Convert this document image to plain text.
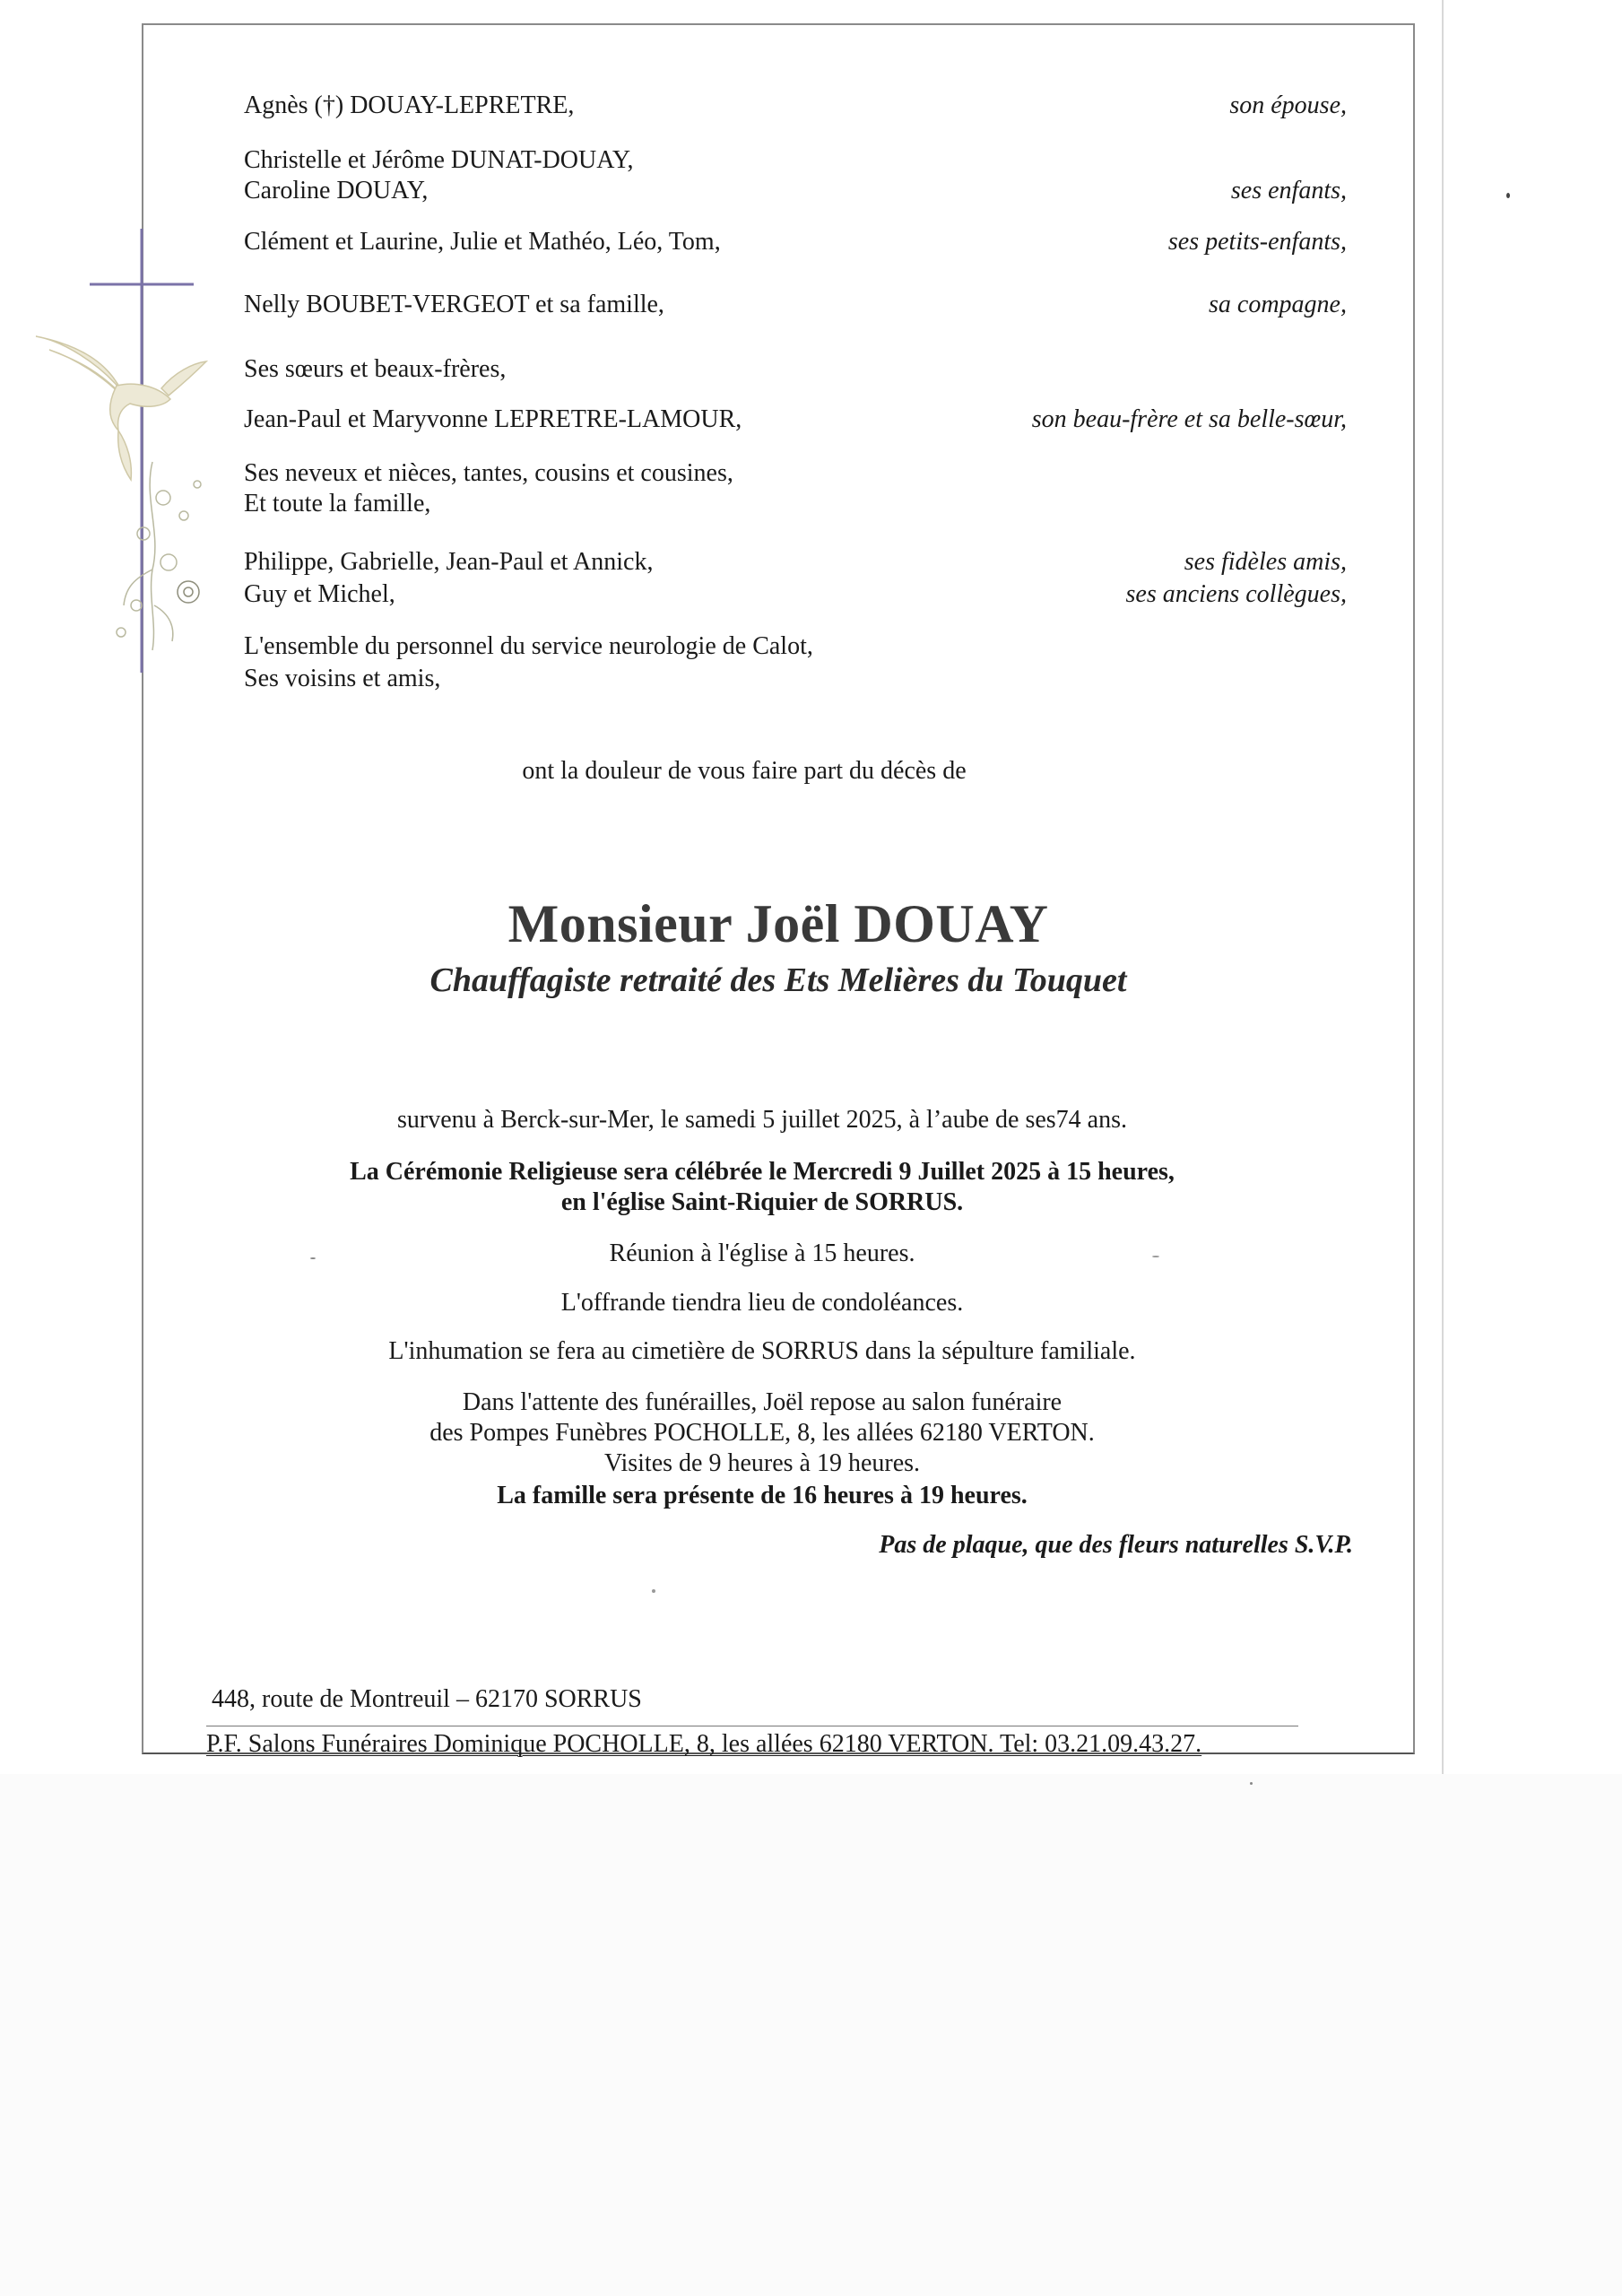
Agnès (†) DOUAY-LEPRETRE,	son épouse,
Christelle et Jérôme DUNAT-DOUAY,
Caroline DOUAY,	ses enfants,
Clément et Laurine, Julie et Mathéo, Léo, Tom,	ses petits-enfants,
Nelly BOUBET-VERGEOT et sa famille,	sa compagne,
Ses sœurs et beaux-frères,
Jean-Paul et Maryvonne LEPRETRE-LAMOUR,	son beau-frère et sa belle-sœur,
Ses neveux et nièces, tantes, cousins et cousines,
Et toute la famille,
Philippe, Gabrielle, Jean-Paul et Annick,	ses fidèles amis,
Guy et Michel,	ses anciens collègues,
L'ensemble du personnel du service neurologie de Calot,
Ses voisins et amis,
ont la douleur de vous faire part du décès de
Monsieur Joël DOUAY
Chauffagiste retraité des Ets Melières du Touquet
survenu à Berck-sur-Mer, le samedi 5 juillet 2025, à l’aube de ses74 ans.
La Cérémonie Religieuse sera célébrée le Mercredi 9 Juillet 2025 à 15 heures,
en l'église Saint-Riquier de SORRUS.
Réunion à l'église à 15 heures.
L'offrande tiendra lieu de condoléances.
L'inhumation se fera au cimetière de SORRUS dans la sépulture familiale.
Dans l'attente des funérailles, Joël repose au salon funéraire
des Pompes Funèbres POCHOLLE, 8, les allées 62180 VERTON.
Visites de 9 heures à 19 heures.
La famille sera présente de 16 heures à 19 heures.
Pas de plaque, que des fleurs naturelles S.V.P.
448, route de Montreuil – 62170 SORRUS
P.F. Salons Funéraires Dominique POCHOLLE, 8, les allées 62180 VERTON. Tel: 03.21.09.43.27.
